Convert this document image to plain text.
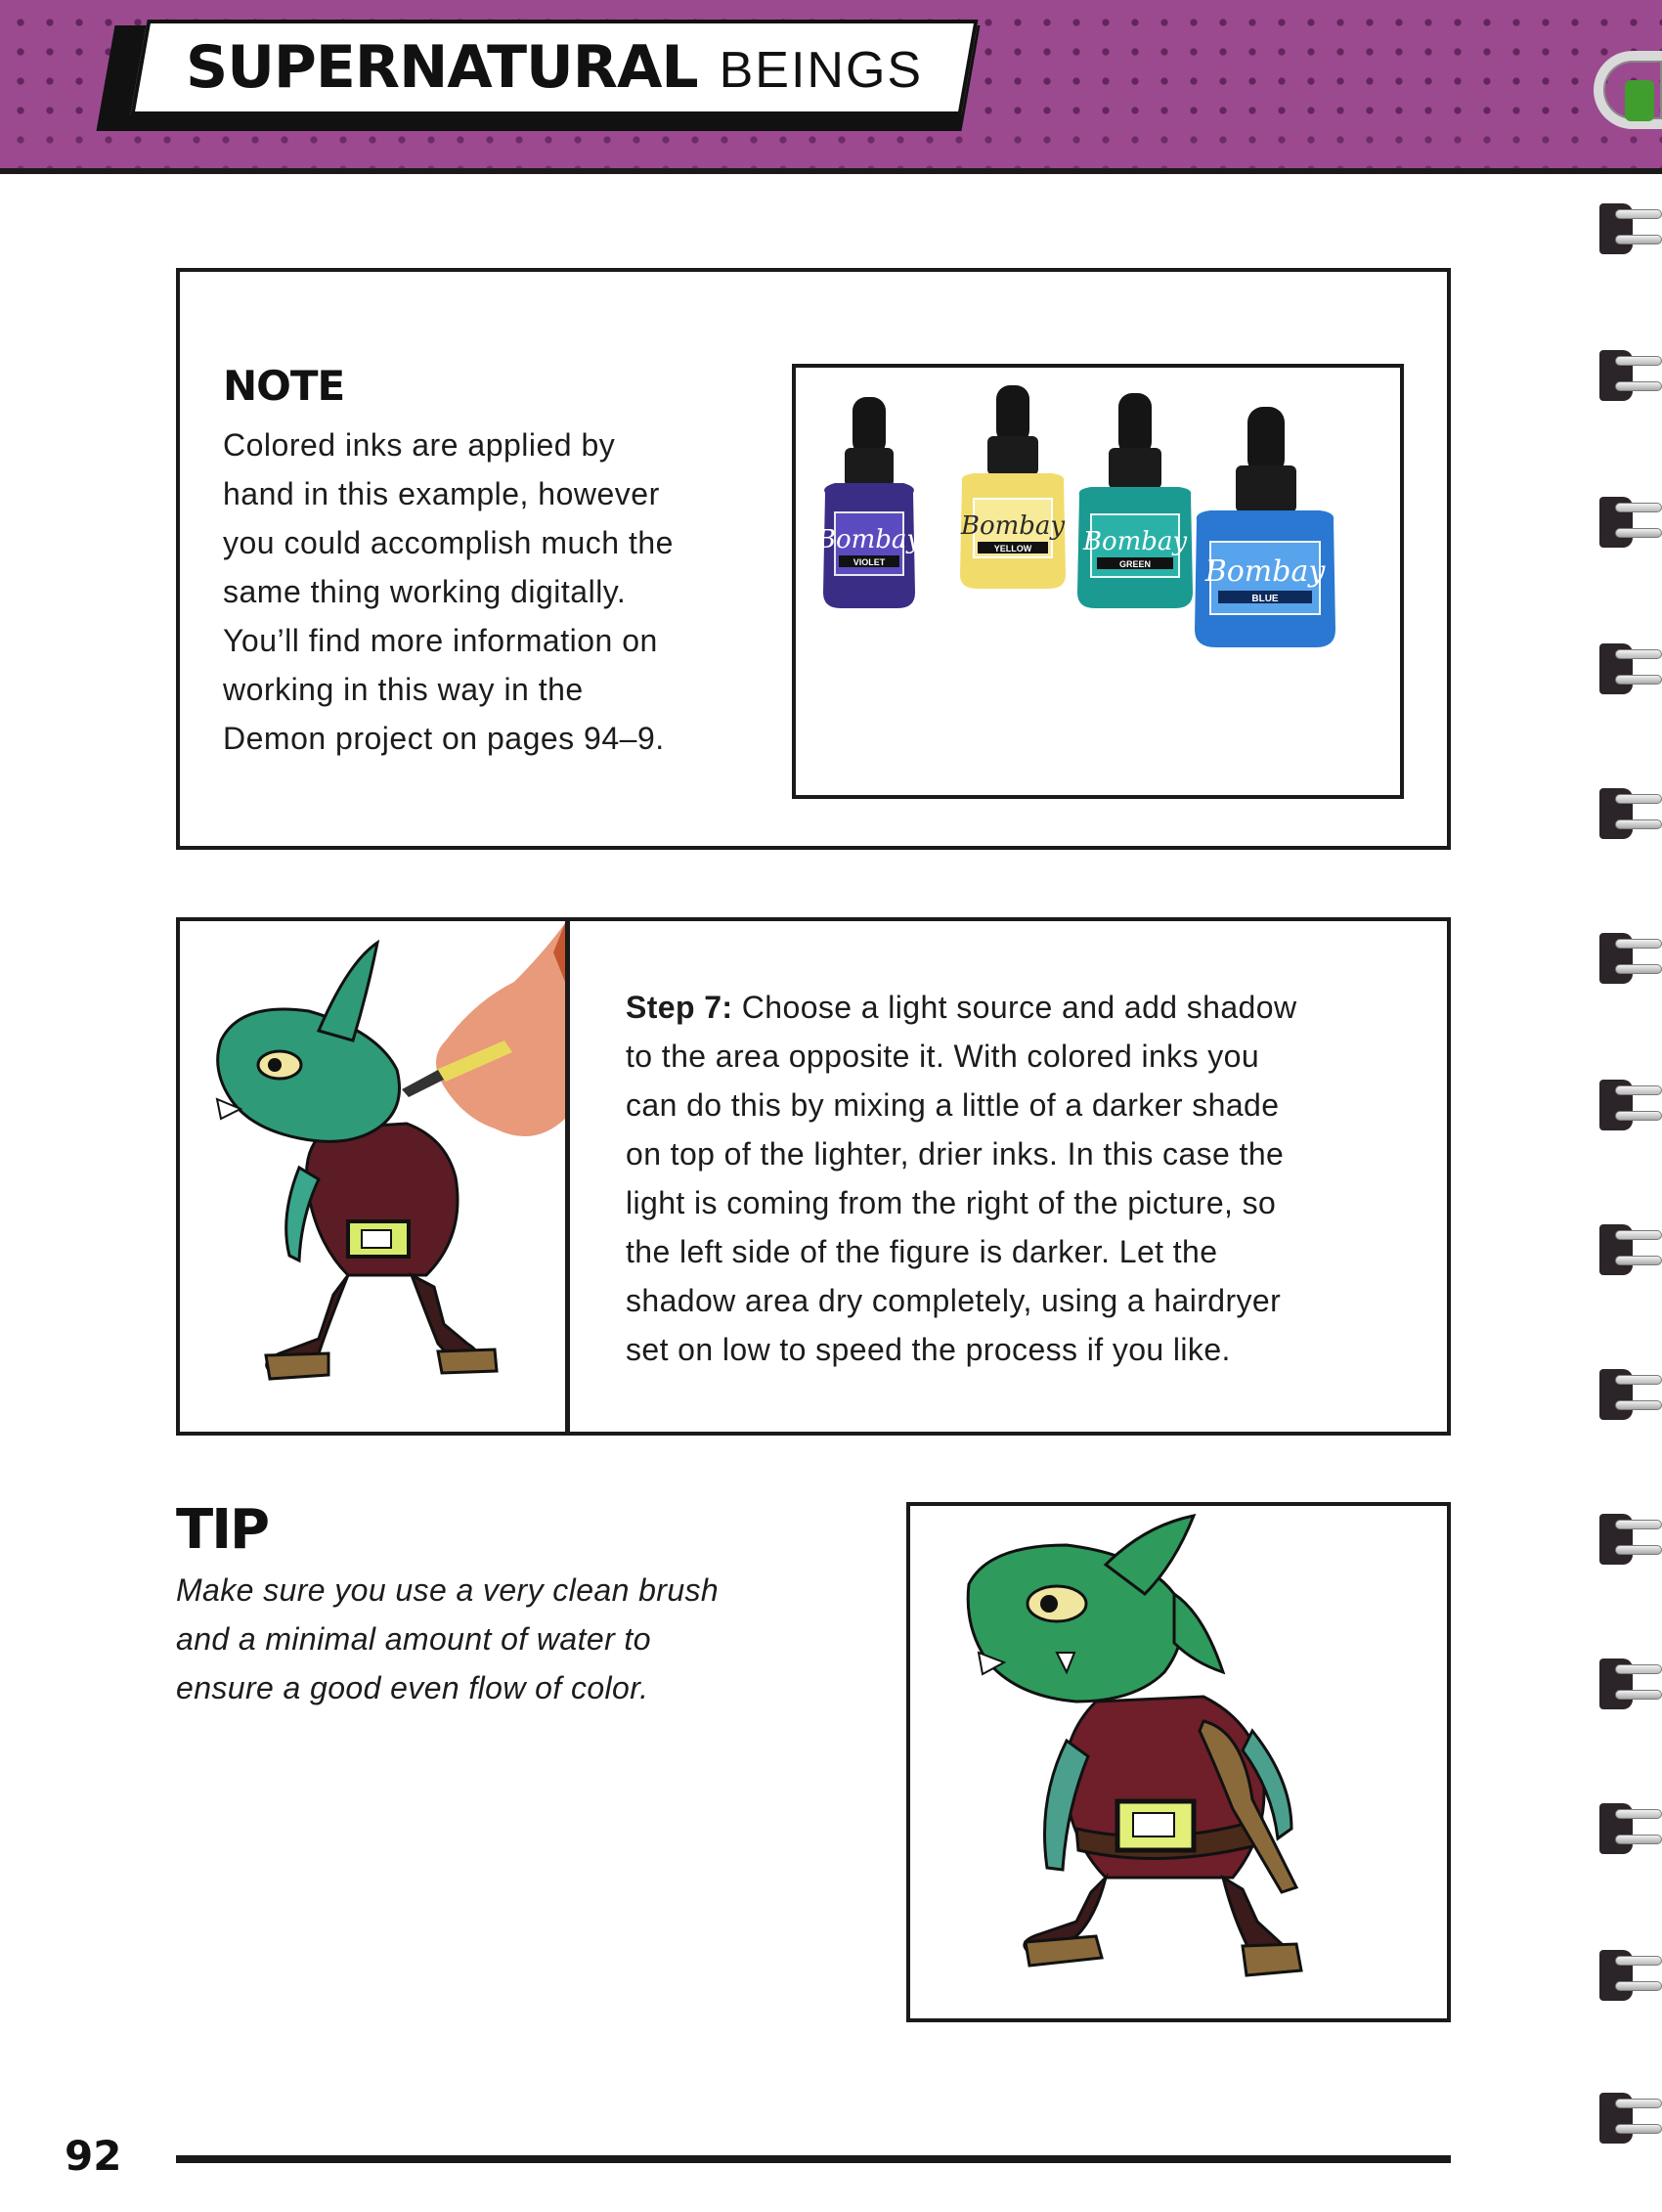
SUPERNATURAL BEINGS
NOTE
Colored inks are applied by
hand in this example, however
you could accomplish much the
same thing working digitally.
You’ll find more information on
working in this way in the
Demon project on pages 94–9.
Bombay
VIOLET
Bombay
YELLOW Bombay
GREEN Bombay
BLUE
Step 7: Choose a light source and add shadow
to the area opposite it. With colored inks you
can do this by mixing a little of a darker shade
on top of the lighter, drier inks. In this case the
light is coming from the right of the picture, so
the left side of the figure is darker. Let the
shadow area dry completely, using a hairdryer
set on low to speed the process if you like.
TIP
Make sure you use a very clean brush
and a minimal amount of water to
ensure a good even flow of color.
92
